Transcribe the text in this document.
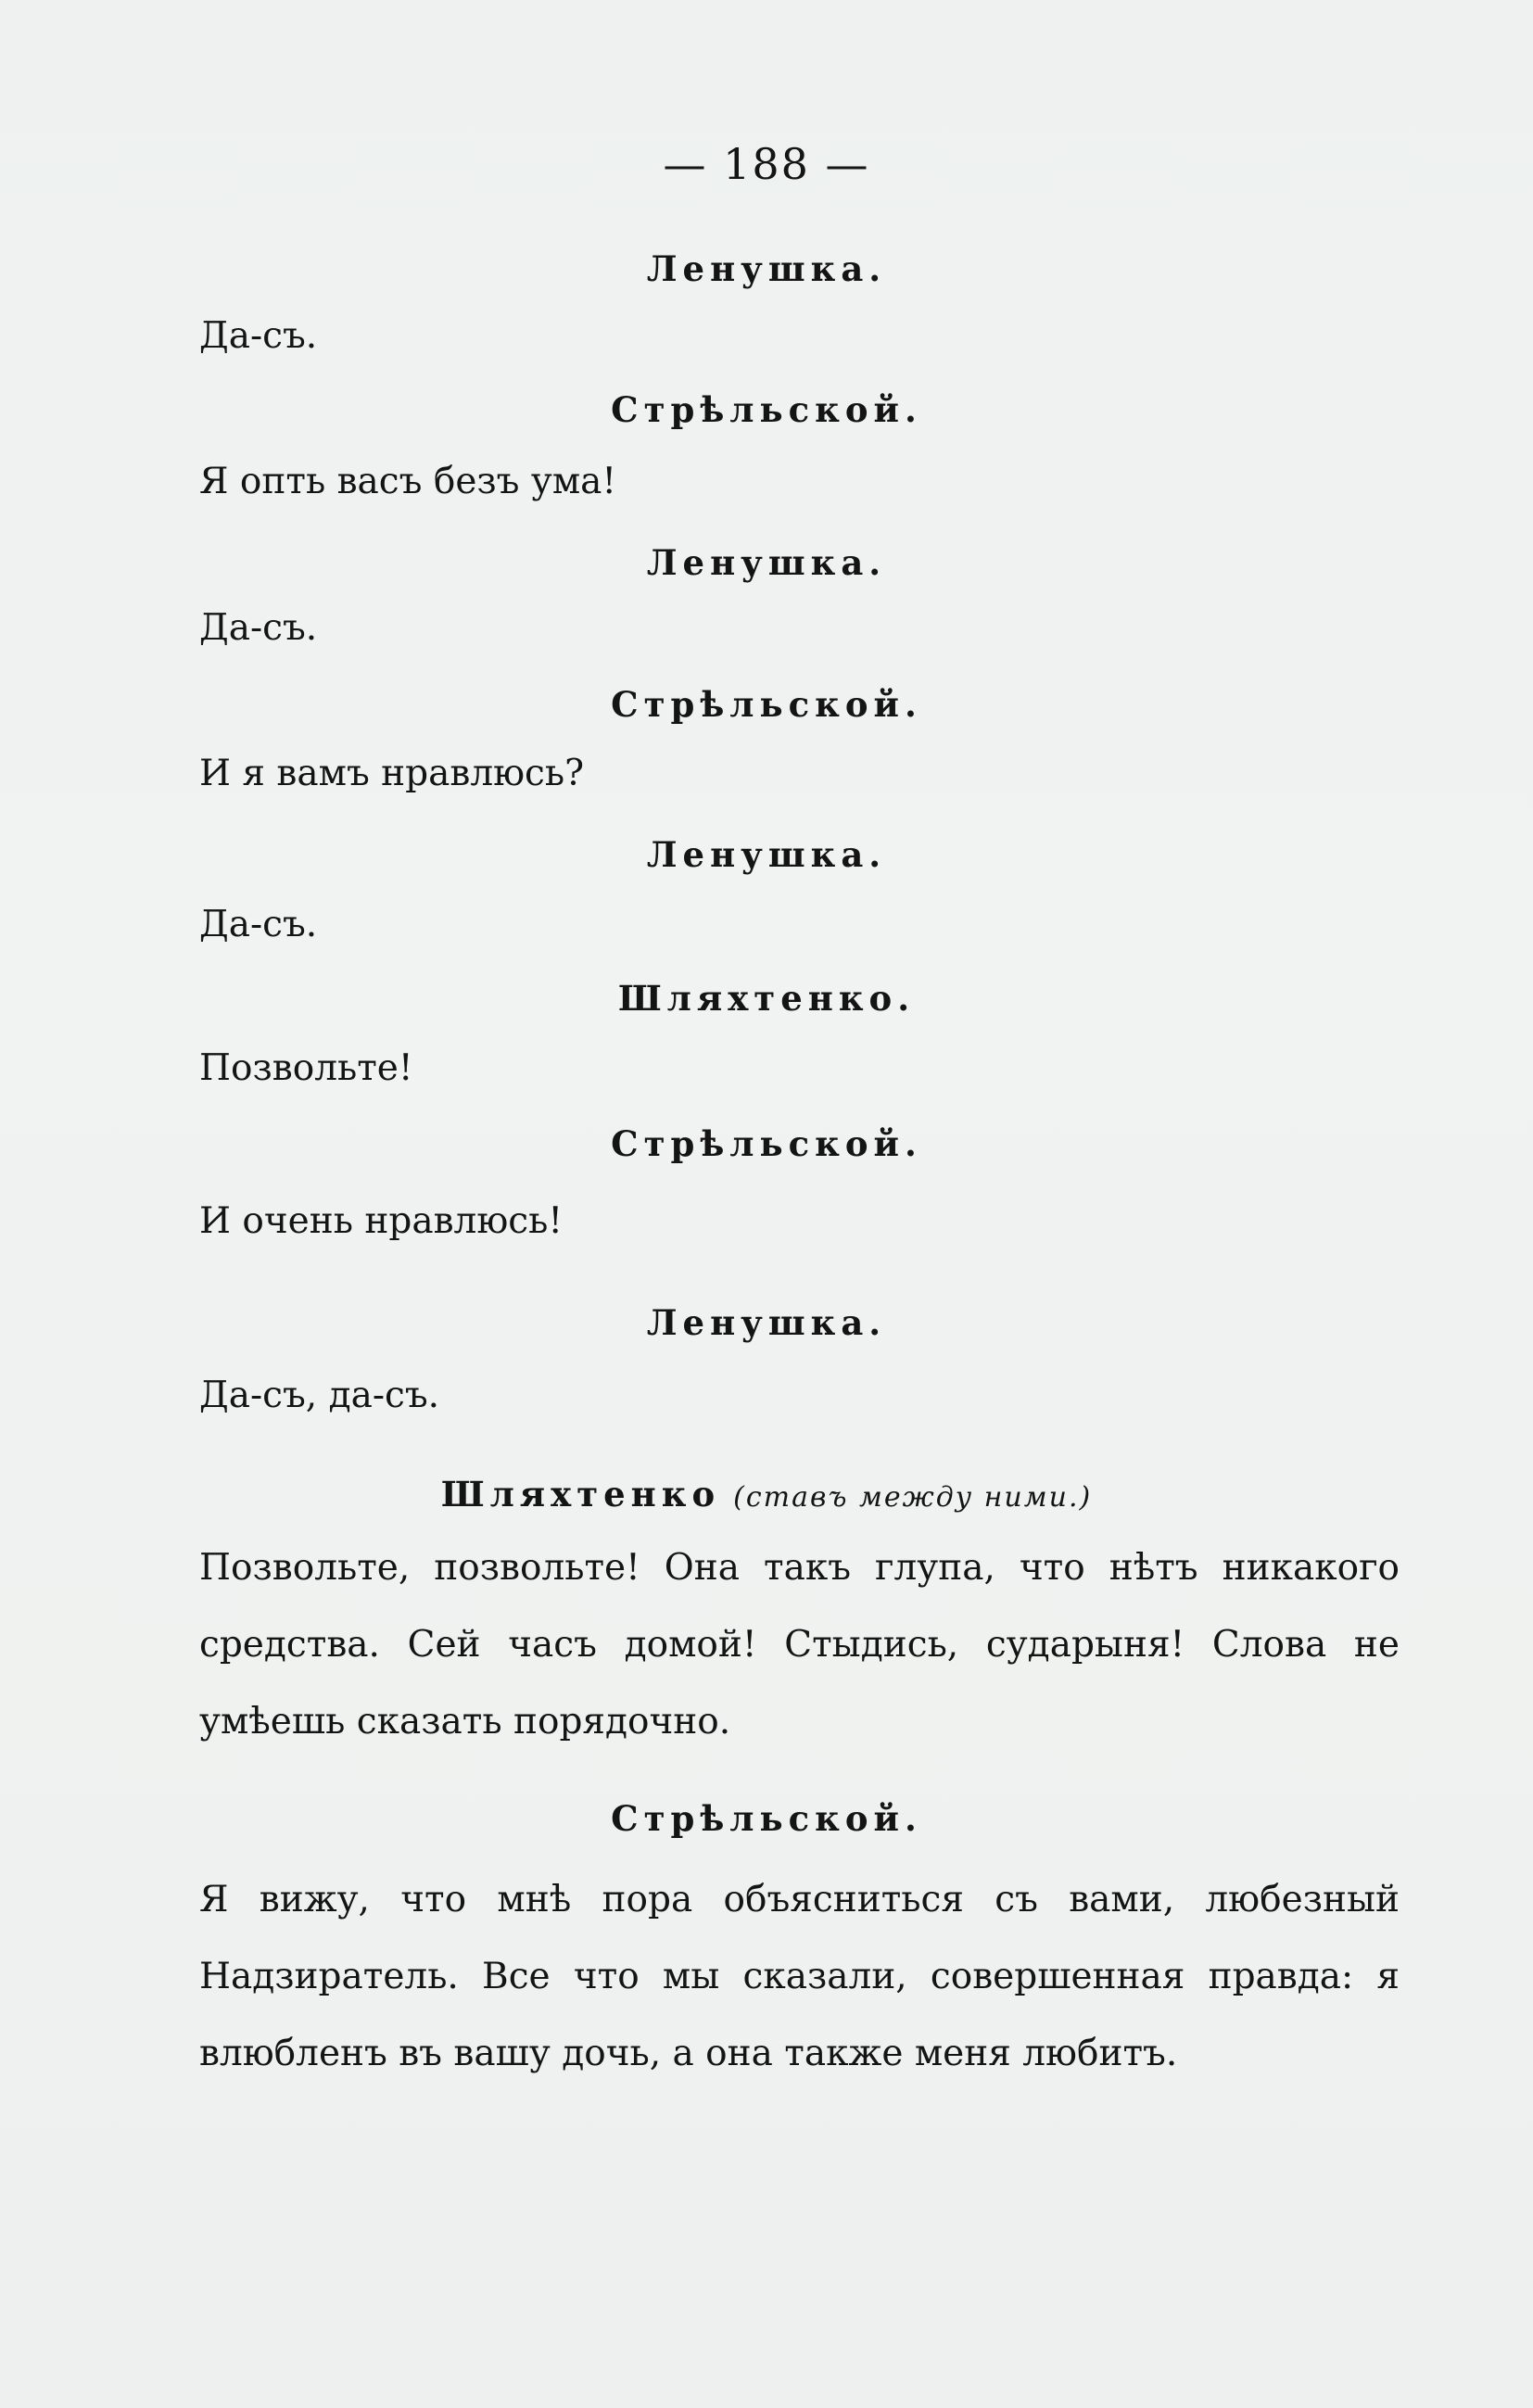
— 188 —
Ленушка.
Да-съ.
Стрѣльской.
Я опть васъ безъ ума!
Ленушка.
Да-съ.
Стрѣльской.
И я вамъ нравлюсь?
Ленушка.
Да-съ.
Шляхтенко.
Позвольте!
Стрѣльской.
И очень нравлюсь!
Ленушка.
Да-съ, да-съ.
Шляхтенко (ставъ между ними.)
Позвольте, позвольте! Она такъ глупа, что нѣтъ никакого средства. Сей часъ домой! Стыдись, сударыня! Слова не умѣешь сказать порядочно.
Стрѣльской.
Я вижу, что мнѣ пора объясниться съ вами, любезный Надзиратель. Все что мы сказали, совершенная правда: я влюбленъ въ вашу дочь, а она также меня любитъ.
